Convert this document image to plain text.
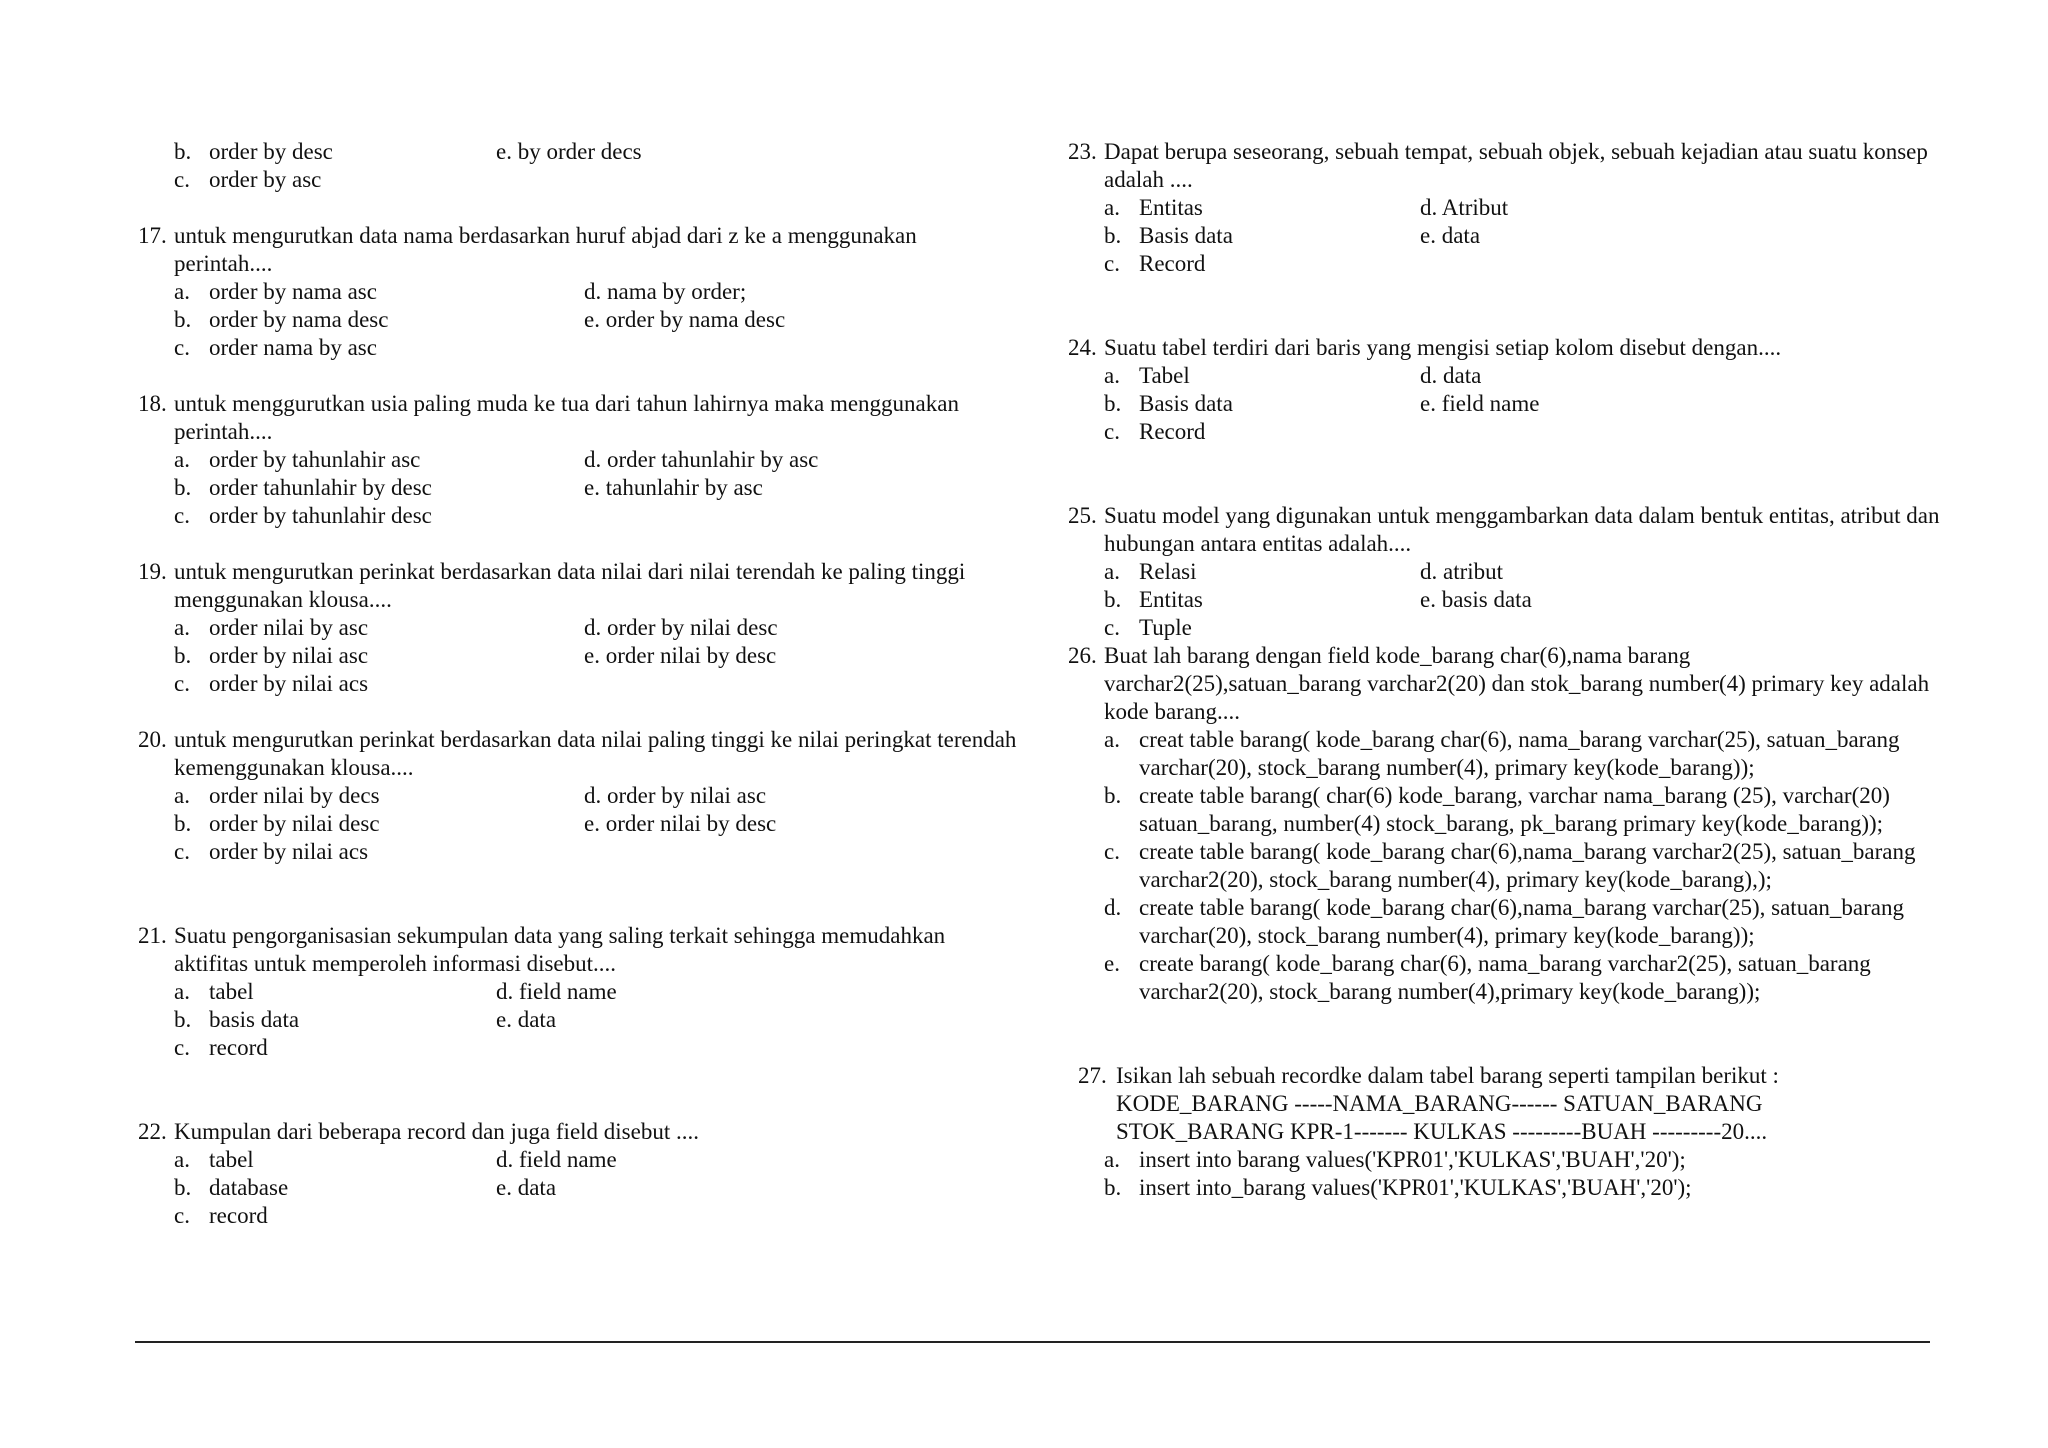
b. order by desc	e. by order decs
c. order by asc
17. untuk mengurutkan data nama berdasarkan huruf abjad dari z ke a menggunakan perintah....
a. order by nama asc	d. nama by order;
b. order by nama desc	e. order by nama desc
c. order nama by asc
18. untuk menggurutkan usia paling muda ke tua dari tahun lahirnya maka menggunakan perintah....
a. order by tahunlahir asc	d. order tahunlahir by asc
b. order tahunlahir by desc	e. tahunlahir by asc
c. order by tahunlahir desc
19. untuk mengurutkan perinkat berdasarkan data nilai dari nilai terendah ke paling tinggi menggunakan klousa....
a. order nilai by asc	d. order by nilai desc
b. order by nilai asc	e. order nilai by desc
c. order by nilai acs
20. untuk mengurutkan perinkat berdasarkan data nilai paling tinggi ke nilai peringkat terendah kemenggunakan klousa....
a. order nilai by decs	d. order by nilai asc
b. order by nilai desc	e. order nilai by desc
c. order by nilai acs
21. Suatu pengorganisasian sekumpulan data yang saling terkait sehingga memudahkan aktifitas untuk memperoleh informasi disebut....
a. tabel	d. field name
b. basis data	e. data
c. record
22. Kumpulan dari beberapa record dan juga field disebut ....
a. tabel	d. field name
b. database	e. data
c. record
23. Dapat berupa seseorang, sebuah tempat, sebuah objek, sebuah kejadian atau suatu konsep adalah ....
a. Entitas	d. Atribut
b. Basis data	e. data
c. Record
24. Suatu tabel terdiri dari baris yang mengisi setiap kolom disebut dengan....
a. Tabel	d. data
b. Basis data	e. field name
c. Record
25. Suatu model yang digunakan untuk menggambarkan data dalam bentuk entitas, atribut dan hubungan antara entitas adalah....
a. Relasi	d. atribut
b. Entitas	e. basis data
c. Tuple
26. Buat lah barang dengan field kode_barang char(6),nama barang varchar2(25),satuan_barang varchar2(20) dan stok_barang number(4) primary key adalah kode barang....
a. creat table barang( kode_barang char(6), nama_barang varchar(25), satuan_barang varchar(20), stock_barang number(4), primary key(kode_barang));
b. create table barang( char(6) kode_barang, varchar nama_barang (25), varchar(20) satuan_barang, number(4) stock_barang, pk_barang primary key(kode_barang));
c. create table barang( kode_barang char(6),nama_barang varchar2(25), satuan_barang varchar2(20), stock_barang number(4), primary key(kode_barang),);
d. create table barang( kode_barang char(6),nama_barang varchar(25), satuan_barang varchar(20), stock_barang number(4), primary key(kode_barang));
e. create barang( kode_barang char(6), nama_barang varchar2(25), satuan_barang varchar2(20), stock_barang number(4),primary key(kode_barang));
27. Isikan lah sebuah recordke dalam tabel barang seperti tampilan berikut :
KODE_BARANG -----NAMA_BARANG------ SATUAN_BARANG
STOK_BARANG KPR-1------- KULKAS ---------BUAH ---------20....
a. insert into barang values('KPR01','KULKAS','BUAH','20');
b. insert into_barang values('KPR01','KULKAS','BUAH','20');
